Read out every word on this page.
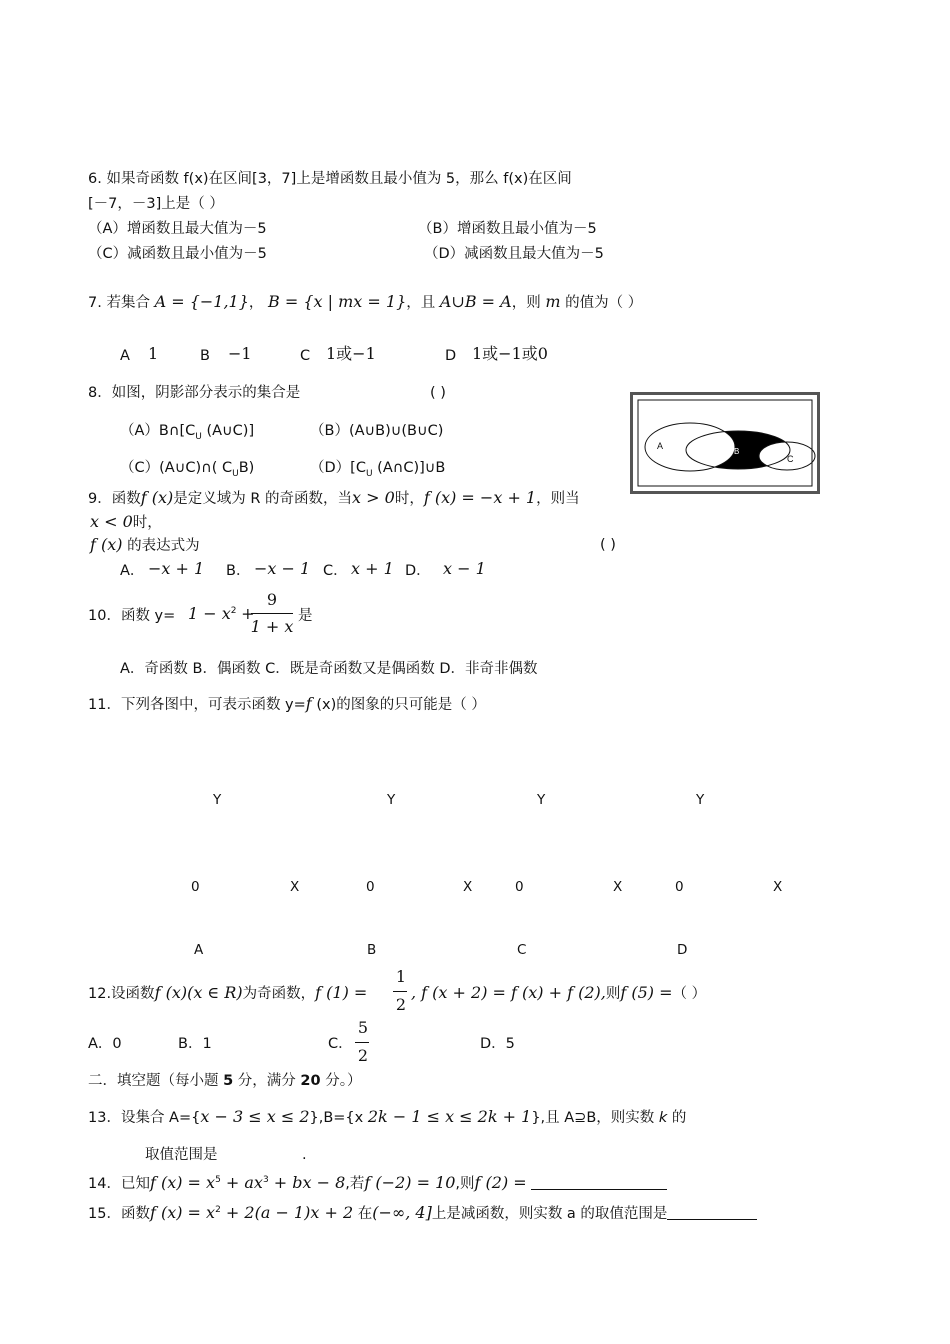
6. 如果奇函数 f(x)在区间[3，7]上是增函数且最小值为 5，那么 f(x)在区间
[－7，－3]上是（ ）
（A）增函数且最大值为－5	（B）增函数且最小值为－5
（C）减函数且最小值为－5	（D）减函数且最大值为－5
7. 若集合 A = {−1,1}， B = {x | mx = 1}，且 A∪B = A，则 m 的值为（ ）
A 1	B −1	C 1或−1	D 1或−1或0
8．如图，阴影部分表示的集合是	( )
$(A)B\cap[C_U$ (A∪C)]	（B）(A∪B)∪(B∪C)
（C）(A∪C)∩( $C_UB$)	$(D)[C_U$ (A∩C)]∪B
A
B
C
9．函数f (x)是定义域为 R 的奇函数，当x > 0时，f (x) = −x + 1，则当
x < 0时，
f (x) 的表达式为	( )
A． −x + 1 B． −x − 1 C． x + 1 D． x − 1
10．函数 $y= 1 - x^2$ +
9
1 + x
是
A．奇函数 B．偶函数 C．既是奇函数又是偶函数 D．非奇非偶数
11．下列各图中，可表示函数 y=f (x)的图象的只可能是（ ）
Y
0	X
A
Y
0	X
B
Y
0	X
C
Y
0	X
D
12.设函数f (x)(x ∈ R)为奇函数，f (1) =
1
2
, f (x + 2) = f (x) + f (2),则f (5) =（ ）
A．0	B．1	C．
5
2
D．5
二．填空题（每小题 5 分，满分 20 分。）
13．设集合 A={x − 3 ≤ x ≤ 2},B={x 2k − 1 ≤ x ≤ 2k + 1},且 A⊇B，则实数 k 的
取值范围是	.
14．已知f $(x) = x^5 + ax^3$ + bx − 8,若f (−2) = 10,则f (2) =
15．函数f $(x) = x^2 + 2(a - 1)x + 2$ 在(−∞, 4]上是减函数，则实数 a 的取值范围是
